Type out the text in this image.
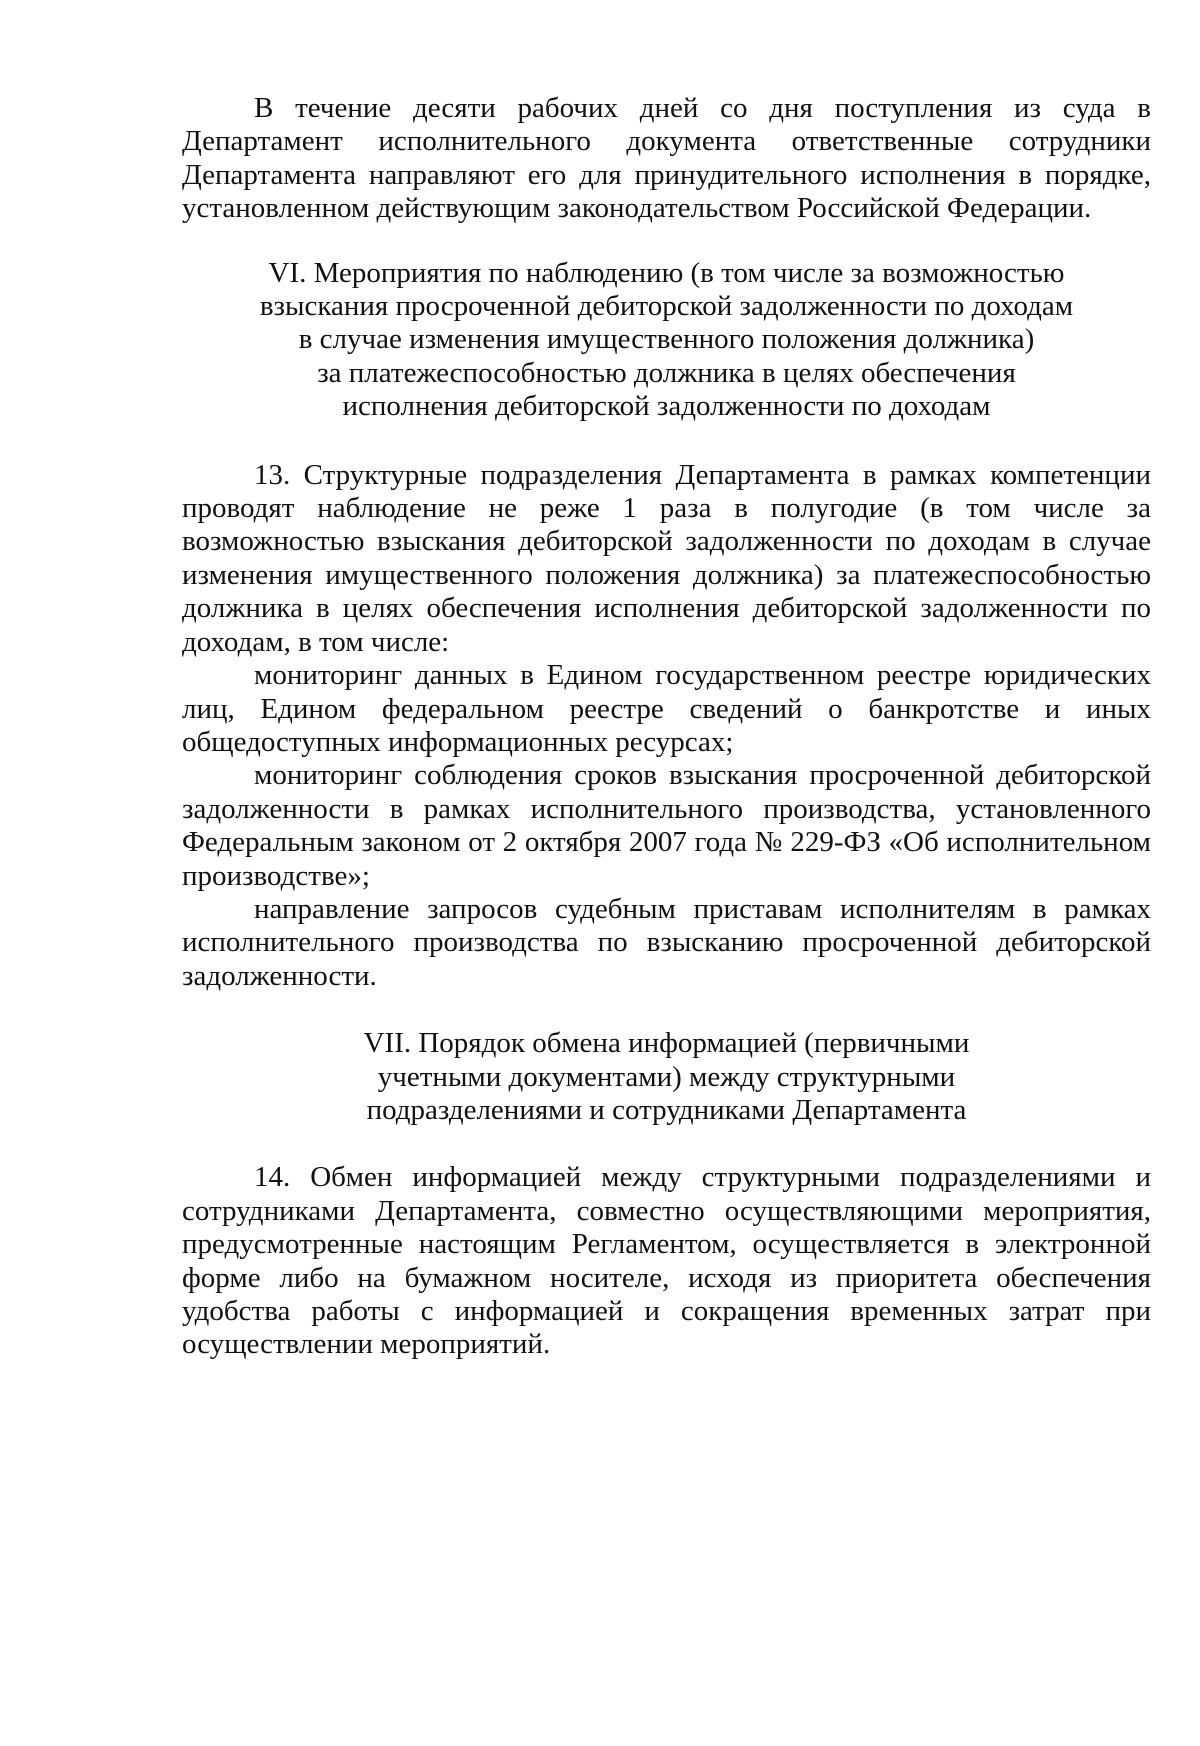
В течение десяти рабочих дней со дня поступления из суда в Департамент исполнительного документа ответственные сотрудники Департамента направляют его для принудительного исполнения в порядке, установленном действующим законодательством Российской Федерации.

VI. Мероприятия по наблюдению (в том числе за возможностью
взыскания просроченной дебиторской задолженности по доходам
в случае изменения имущественного положения должника)
за платежеспособностью должника в целях обеспечения
исполнения дебиторской задолженности по доходам

13. Структурные подразделения Департамента в рамках компетенции проводят наблюдение не реже 1 раза в полугодие (в том числе за возможностью взыскания дебиторской задолженности по доходам в случае изменения имущественного положения должника) за платежеспособностью должника в целях обеспечения исполнения дебиторской задолженности по доходам, в том числе:

мониторинг данных в Едином государственном реестре юридических лиц, Едином федеральном реестре сведений о банкротстве и иных общедоступных информационных ресурсах;

мониторинг соблюдения сроков взыскания просроченной дебиторской задолженности в рамках исполнительного производства, установленного Федеральным законом от 2 октября 2007 года № 229-ФЗ «Об исполнительном производстве»;

направление запросов судебным приставам исполнителям в рамках исполнительного производства по взысканию просроченной дебиторской задолженности.

VII. Порядок обмена информацией (первичными
учетными документами) между структурными
подразделениями и сотрудниками Департамента

14. Обмен информацией между структурными подразделениями и сотрудниками Департамента, совместно осуществляющими мероприятия, предусмотренные настоящим Регламентом, осуществляется в электронной форме либо на бумажном носителе, исходя из приоритета обеспечения удобства работы с информацией и сокращения временных затрат при осуществлении мероприятий.
